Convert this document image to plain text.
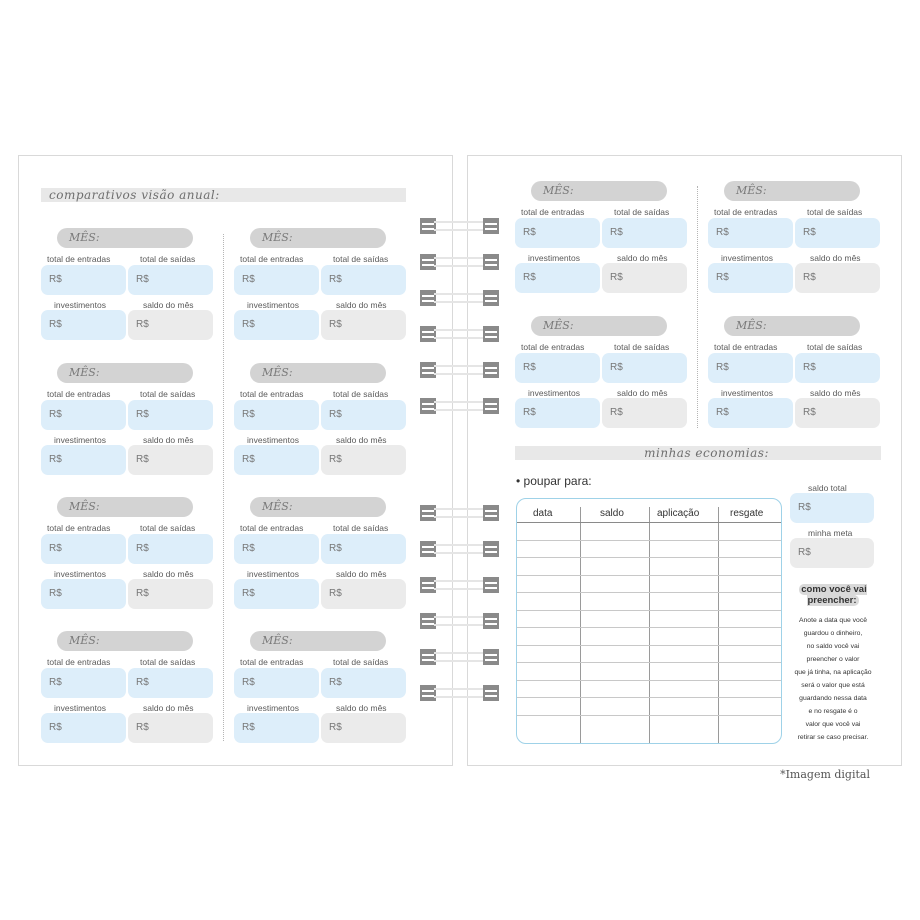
comparativos visão anual:
MÊS:
total de entradas	total de saídas
R$	R$
investimentos	saldo do mês
R$	R$
MÊS:
total de entradas	total de saídas
R$	R$
investimentos	saldo do mês
R$	R$
MÊS:
total de entradas	total de saídas
R$	R$
investimentos	saldo do mês
R$	R$
MÊS:
total de entradas	total de saídas
R$	R$
investimentos	saldo do mês
R$	R$
MÊS:
total de entradas	total de saídas
R$	R$
investimentos	saldo do mês
R$	R$
MÊS:
total de entradas	total de saídas
R$	R$
investimentos	saldo do mês
R$	R$
MÊS:
total de entradas	total de saídas
R$	R$
investimentos	saldo do mês
R$	R$
MÊS:
total de entradas	total de saídas
R$	R$
investimentos	saldo do mês
R$	R$
minhas economias:
• poupar para:
data	saldo	aplicação	resgate
saldo total
R$
minha meta
R$
como você vai preencher:
Anote a data que você
guardou o dinheiro,
no saldo você vai
preencher o valor
que já tinha, na aplicação
será o valor que está
guardando nessa data
e no resgate é o
valor que você vai
retirar se caso precisar.
MÊS:
total de entradas	total de saídas
R$	R$
investimentos	saldo do mês
R$	R$
MÊS:
total de entradas	total de saídas
R$	R$
investimentos	saldo do mês
R$	R$
MÊS:
total de entradas	total de saídas
R$	R$
investimentos	saldo do mês
R$	R$
MÊS:
total de entradas	total de saídas
R$	R$
investimentos	saldo do mês
R$	R$
*Imagem digital
